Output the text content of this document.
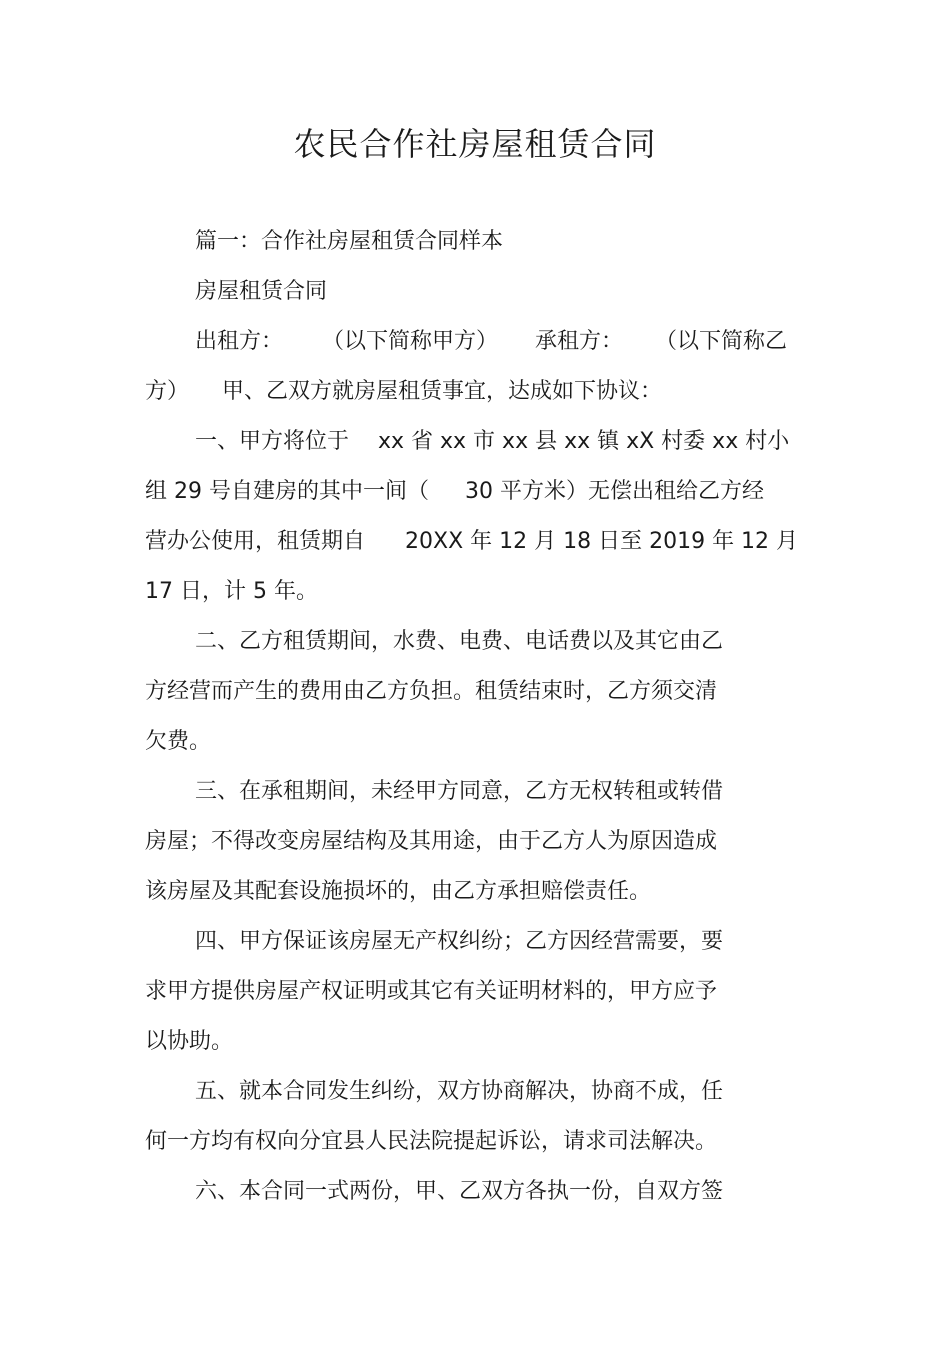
农民合作社房屋租赁合同
篇一：合作社房屋租赁合同样本
房屋租赁合同
出租方： （以下简称甲方） 承租方： （以下简称乙
方） 甲、乙双方就房屋租赁事宜，达成如下协议：
一、甲方将位于 xx 省 xx 市 xx 县 xx 镇 xX 村委 xx 村小
组 29 号自建房的其中一间（ 30 平方米）无偿出租给乙方经
营办公使用，租赁期自 20XX 年 12 月 18 日至 2019 年 12 月
17 日，计 5 年。
二、乙方租赁期间，水费、电费、电话费以及其它由乙
方经营而产生的费用由乙方负担。租赁结束时，乙方须交清
欠费。
三、在承租期间，未经甲方同意，乙方无权转租或转借
房屋；不得改变房屋结构及其用途，由于乙方人为原因造成
该房屋及其配套设施损坏的，由乙方承担赔偿责任。
四、甲方保证该房屋无产权纠纷；乙方因经营需要，要
求甲方提供房屋产权证明或其它有关证明材料的，甲方应予
以协助。
五、就本合同发生纠纷，双方协商解决，协商不成，任
何一方均有权向分宜县人民法院提起诉讼，请求司法解决。
六、本合同一式两份，甲、乙双方各执一份，自双方签
